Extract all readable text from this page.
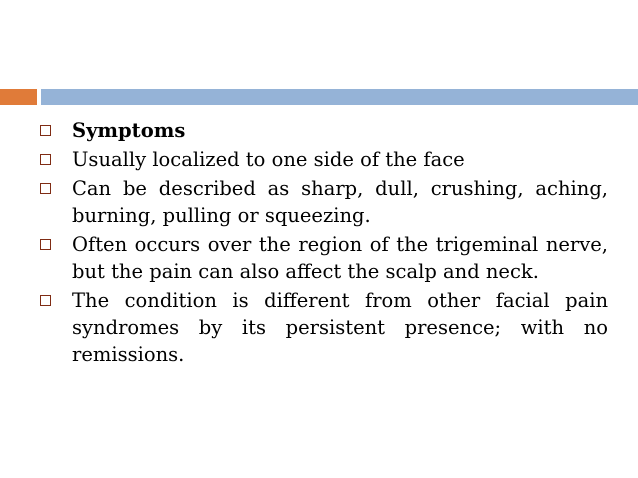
Symptoms
Usually localized to one side of the face
Can be described as sharp, dull, crushing, aching, burning, pulling or squeezing.
Often occurs over the region of the trigeminal nerve, but the pain can also affect the scalp and neck.
The condition is different from other facial pain syndromes by its persistent presence; with no remissions.
